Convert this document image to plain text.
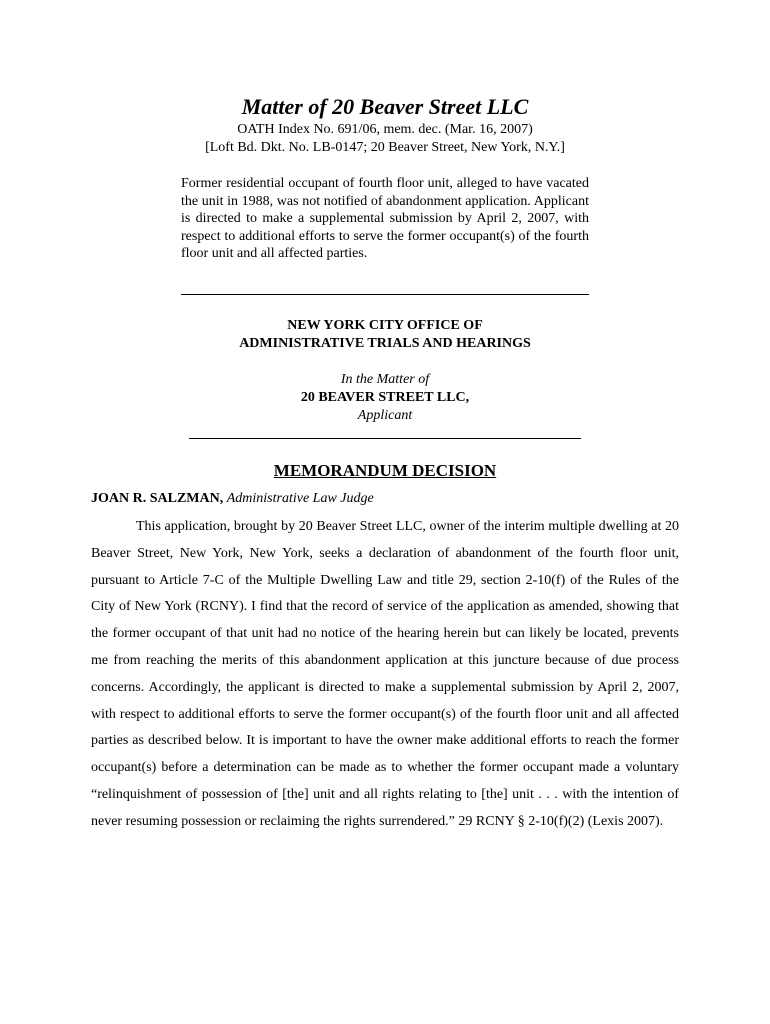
Matter of 20 Beaver Street LLC
OATH Index No. 691/06, mem. dec. (Mar. 16, 2007)
[Loft Bd. Dkt. No. LB-0147; 20 Beaver Street, New York, N.Y.]
Former residential occupant of fourth floor unit, alleged to have vacated the unit in 1988, was not notified of abandonment application. Applicant is directed to make a supplemental submission by April 2, 2007, with respect to additional efforts to serve the former occupant(s) of the fourth floor unit and all affected parties.
NEW YORK CITY OFFICE OF
ADMINISTRATIVE TRIALS AND HEARINGS
In the Matter of
20 BEAVER STREET LLC,
Applicant
MEMORANDUM DECISION
JOAN R. SALZMAN, Administrative Law Judge

This application, brought by 20 Beaver Street LLC, owner of the interim multiple dwelling at 20 Beaver Street, New York, New York, seeks a declaration of abandonment of the fourth floor unit, pursuant to Article 7-C of the Multiple Dwelling Law and title 29, section 2-10(f) of the Rules of the City of New York (RCNY). I find that the record of service of the application as amended, showing that the former occupant of that unit had no notice of the hearing herein but can likely be located, prevents me from reaching the merits of this abandonment application at this juncture because of due process concerns. Accordingly, the applicant is directed to make a supplemental submission by April 2, 2007, with respect to additional efforts to serve the former occupant(s) of the fourth floor unit and all affected parties as described below. It is important to have the owner make additional efforts to reach the former occupant(s) before a determination can be made as to whether the former occupant made a voluntary “relinquishment of possession of [the] unit and all rights relating to [the] unit . . . with the intention of never resuming possession or reclaiming the rights surrendered.” 29 RCNY § 2-10(f)(2) (Lexis 2007).
